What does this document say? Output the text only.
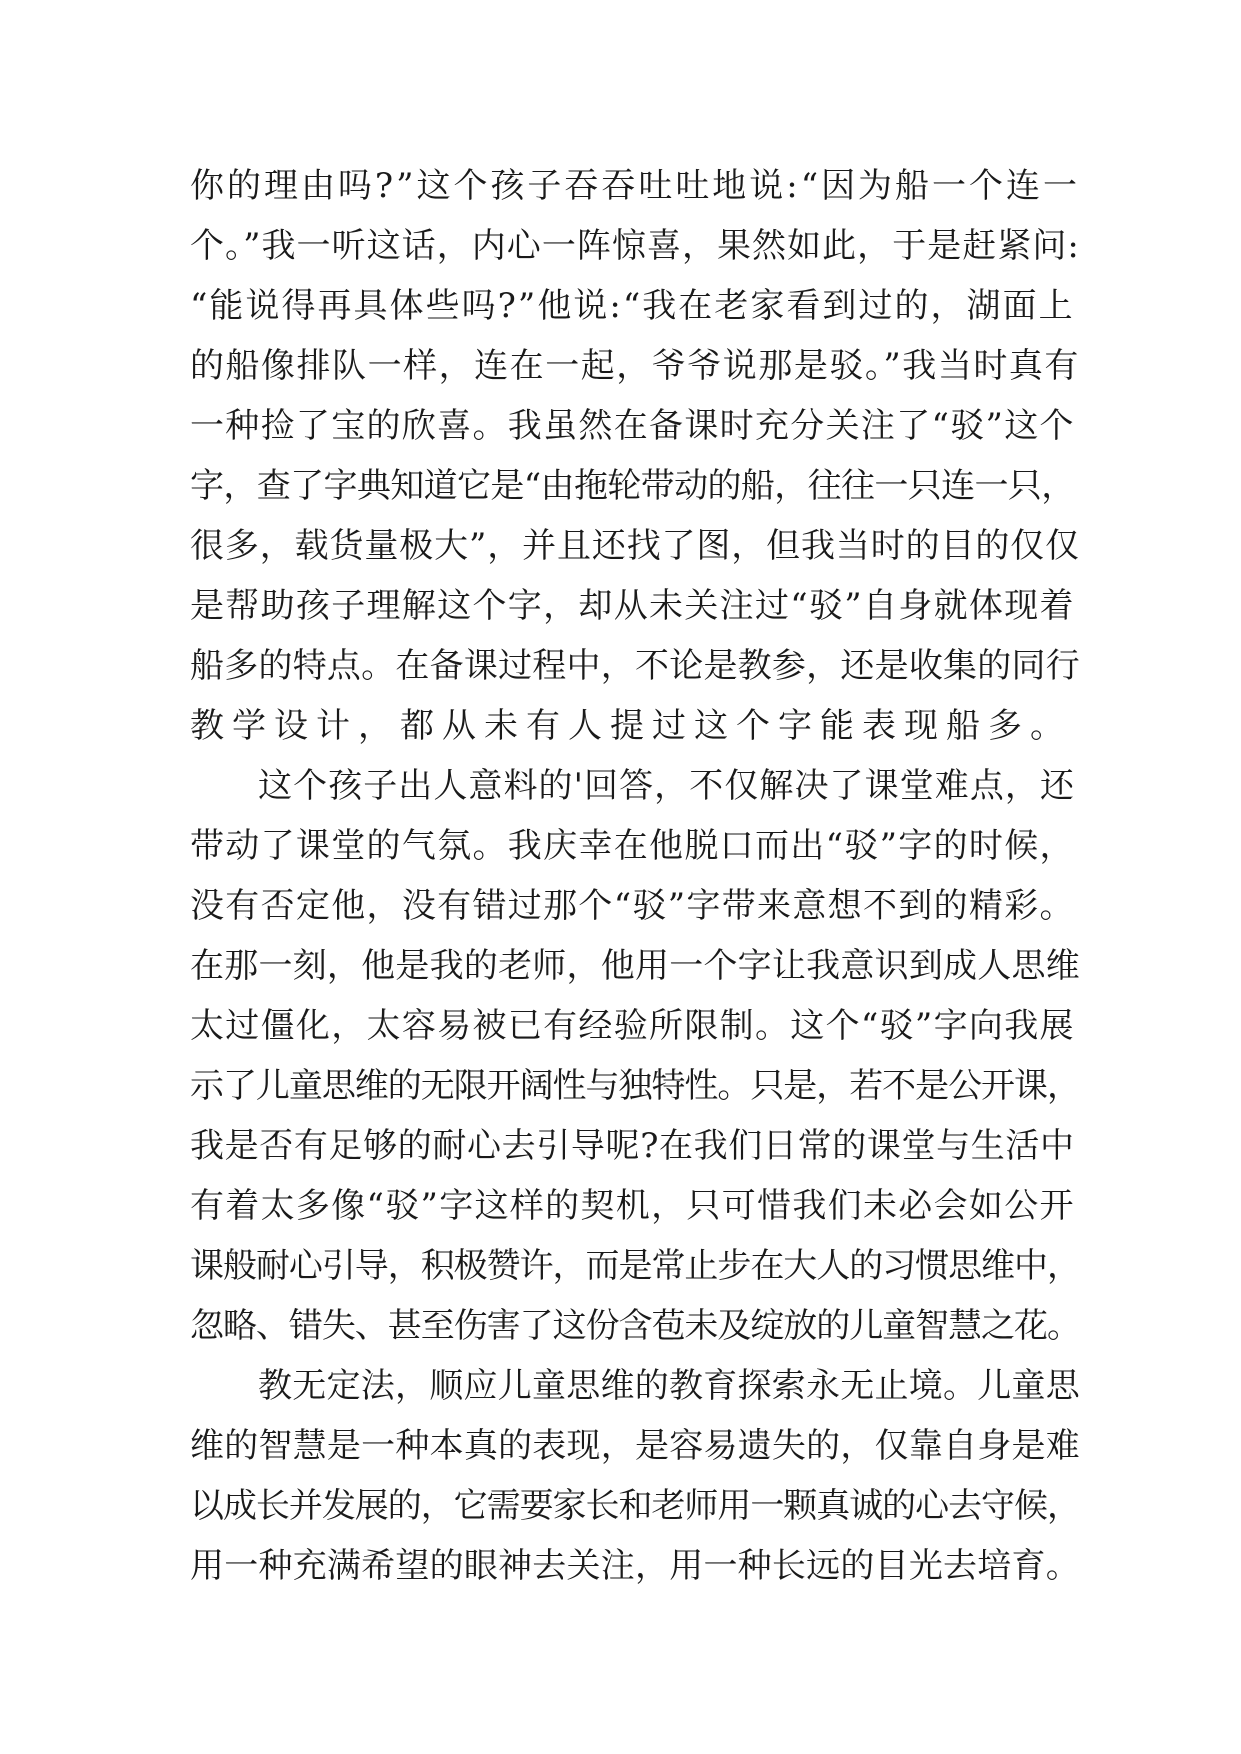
你的理由吗?”这个孩子吞吞吐吐地说:“因为船一个连一
个。”我一听这话，内心一阵惊喜，果然如此，于是赶紧问:
“能说得再具体些吗?”他说:“我在老家看到过的，湖面上
的船像排队一样，连在一起，爷爷说那是驳。”我当时真有
一种捡了宝的欣喜。我虽然在备课时充分关注了“驳”这个
字，查了字典知道它是“由拖轮带动的船，往往一只连一只，
很多，载货量极大”，并且还找了图，但我当时的目的仅仅
是帮助孩子理解这个字，却从未关注过“驳”自身就体现着
船多的特点。在备课过程中，不论是教参，还是收集的同行
教学设计，都从未有人提过这个字能表现船多。
这个孩子出人意料的'回答，不仅解决了课堂难点，还
带动了课堂的气氛。我庆幸在他脱口而出“驳”字的时候，
没有否定他，没有错过那个“驳”字带来意想不到的精彩。
在那一刻，他是我的老师，他用一个字让我意识到成人思维
太过僵化，太容易被已有经验所限制。这个“驳”字向我展
示了儿童思维的无限开阔性与独特性。只是，若不是公开课，
我是否有足够的耐心去引导呢?在我们日常的课堂与生活中
有着太多像“驳”字这样的契机，只可惜我们未必会如公开
课般耐心引导，积极赞许，而是常止步在大人的习惯思维中，
忽略、错失、甚至伤害了这份含苞未及绽放的儿童智慧之花。
教无定法，顺应儿童思维的教育探索永无止境。儿童思
维的智慧是一种本真的表现，是容易遗失的，仅靠自身是难
以成长并发展的，它需要家长和老师用一颗真诚的心去守候，
用一种充满希望的眼神去关注，用一种长远的目光去培育。
